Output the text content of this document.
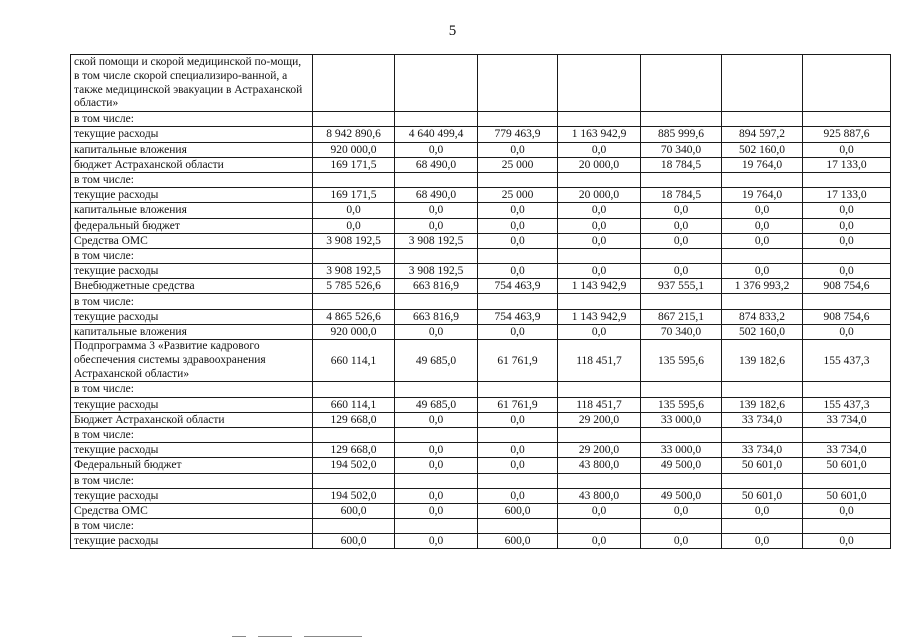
5
ской помощи и скорой медицинской по-мощи, в том числе скорой специализиро-ванной, а также медицинской эвакуации в Астраханской области»							
в том числе:							
текущие расходы	8 942 890,6	4 640 499,4	779 463,9	1 163 942,9	885 999,6	894 597,2	925 887,6
капитальные вложения	920 000,0	0,0	0,0	0,0	70 340,0	502 160,0	0,0
бюджет Астраханской области	169 171,5	68 490,0	25 000	20 000,0	18 784,5	19 764,0	17 133,0
в том числе:							
текущие расходы	169 171,5	68 490,0	25 000	20 000,0	18 784,5	19 764,0	17 133,0
капитальные вложения	0,0	0,0	0,0	0,0	0,0	0,0	0,0
федеральный бюджет	0,0	0,0	0,0	0,0	0,0	0,0	0,0
Средства ОМС	3 908 192,5	3 908 192,5	0,0	0,0	0,0	0,0	0,0
в том числе:							
текущие расходы	3 908 192,5	3 908 192,5	0,0	0,0	0,0	0,0	0,0
Внебюджетные средства	5 785 526,6	663 816,9	754 463,9	1 143 942,9	937 555,1	1 376 993,2	908 754,6
в том числе:							
текущие расходы	4 865 526,6	663 816,9	754 463,9	1 143 942,9	867 215,1	874 833,2	908 754,6
капитальные вложения	920 000,0	0,0	0,0	0,0	70 340,0	502 160,0	0,0
Подпрограмма 3 «Развитие кадрового обеспечения системы здравоохранения Астраханской области»	660 114,1	49 685,0	61 761,9	118 451,7	135 595,6	139 182,6	155 437,3
в том числе:							
текущие расходы	660 114,1	49 685,0	61 761,9	118 451,7	135 595,6	139 182,6	155 437,3
Бюджет Астраханской области	129 668,0	0,0	0,0	29 200,0	33 000,0	33 734,0	33 734,0
в том числе:							
текущие расходы	129 668,0	0,0	0,0	29 200,0	33 000,0	33 734,0	33 734,0
Федеральный бюджет	194 502,0	0,0	0,0	43 800,0	49 500,0	50 601,0	50 601,0
в том числе:							
текущие расходы	194 502,0	0,0	0,0	43 800,0	49 500,0	50 601,0	50 601,0
Средства ОМС	600,0	0,0	600,0	0,0	0,0	0,0	0,0
в том числе:							
текущие расходы	600,0	0,0	600,0	0,0	0,0	0,0	0,0
